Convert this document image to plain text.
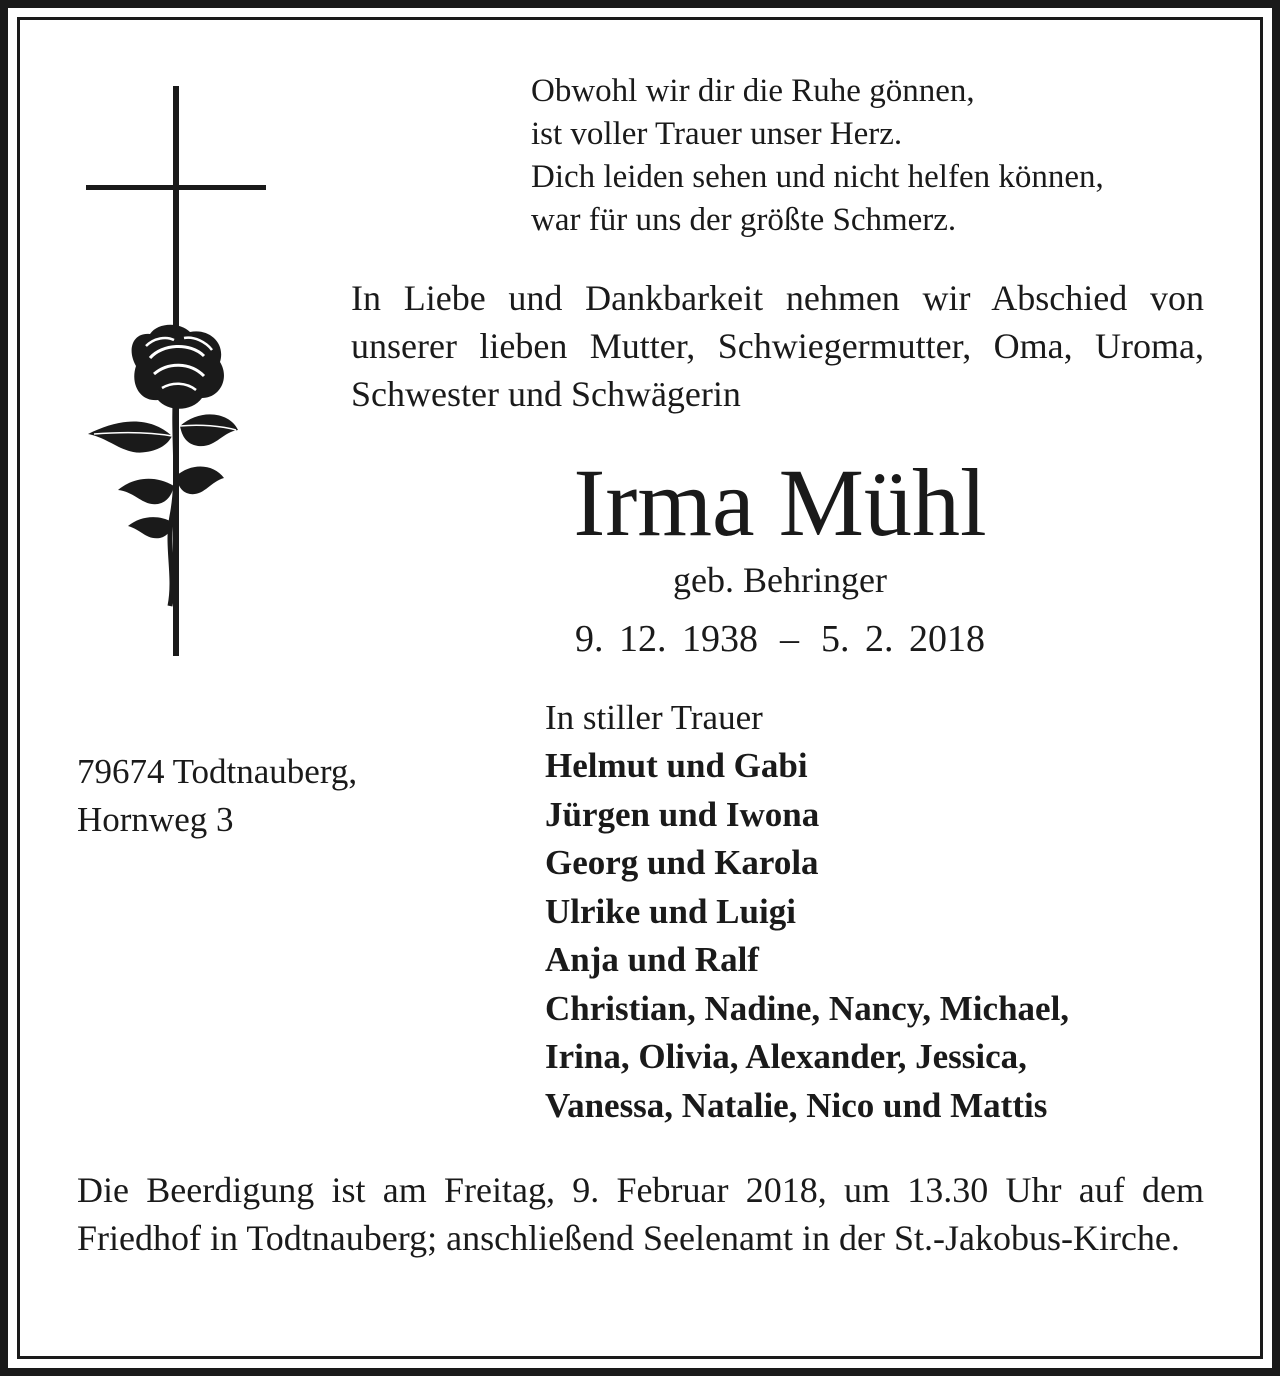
Obwohl wir dir die Ruhe gönnen,
ist voller Trauer unser Herz.
Dich leiden sehen und nicht helfen können,
war für uns der größte Schmerz.

In Liebe und Dankbarkeit nehmen wir Abschied von unserer lieben Mutter, Schwiegermutter, Oma, Uroma, Schwester und Schwägerin

Irma Mühl
geb. Behringer
9. 12. 1938 – 5. 2. 2018
79674 Todtnauberg,
Hornweg 3
In stiller Trauer
Helmut und Gabi
Jürgen und Iwona
Georg und Karola
Ulrike und Luigi
Anja und Ralf
Christian, Nadine, Nancy, Michael,
Irina, Olivia, Alexander, Jessica,
Vanessa, Natalie, Nico und Mattis

Die Beerdigung ist am Freitag, 9. Februar 2018, um 13.30 Uhr auf dem Friedhof in Todtnauberg; anschließend Seelenamt in der St.-Jakobus-Kirche.
